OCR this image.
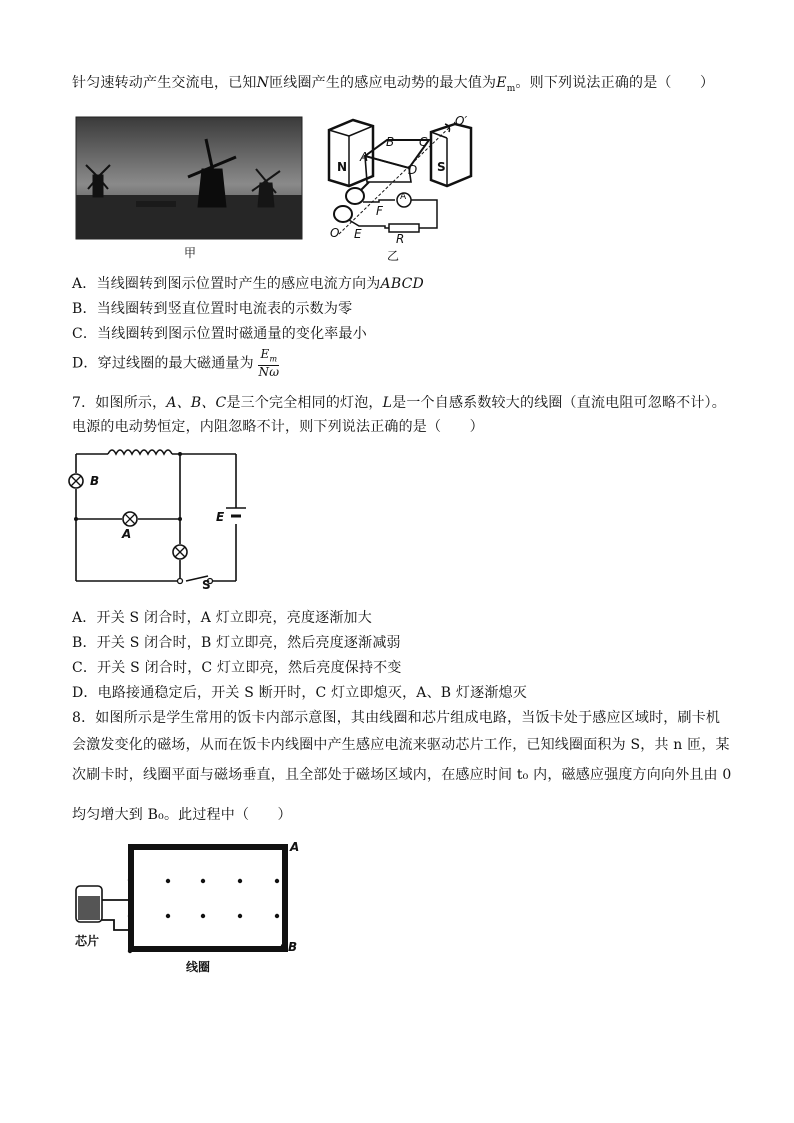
针匀速转动产生交流电，已知N匝线圈产生的感应电动势的最大值为$E_m$。则下列说法正确的是（　　）
甲
O′
B C
A
D
N	S
F
A
E	R
O
乙
A．当线圈转到图示位置时产生的感应电流方向为ABCD
B．当线圈转到竖直位置时电流表的示数为零
C．当线圈转到图示位置时磁通量的变化率最小
D．穿过线圈的最大磁通量为 $\frac{E_m}{N\omega}$
7．如图所示，A、B、C是三个完全相同的灯泡，L是一个自感系数较大的线圈（直流电阻可忽略不计）。
电源的电动势恒定，内阻忽略不计，则下列说法正确的是（　　）
B
A
E
S
A．开关 S 闭合时，A 灯立即亮，亮度逐渐加大
B．开关 S 闭合时，B 灯立即亮，然后亮度逐渐减弱
C．开关 S 闭合时，C 灯立即亮，然后亮度保持不变
D．电路接通稳定后，开关 S 断开时，C 灯立即熄灭，A、B 灯逐渐熄灭
8．如图所示是学生常用的饭卡内部示意图，其由线圈和芯片组成电路，当饭卡处于感应区域时，刷卡机
会激发变化的磁场，从而在饭卡内线圈中产生感应电流来驱动芯片工作，已知线圈面积为 S，共 n 匝，某
次刷卡时，线圈平面与磁场垂直，且全部处于磁场区域内，在感应时间 t₀ 内，磁感应强度方向向外且由 0
均匀增大到 B₀。此过程中（　　）
A
B
芯片
线圈
